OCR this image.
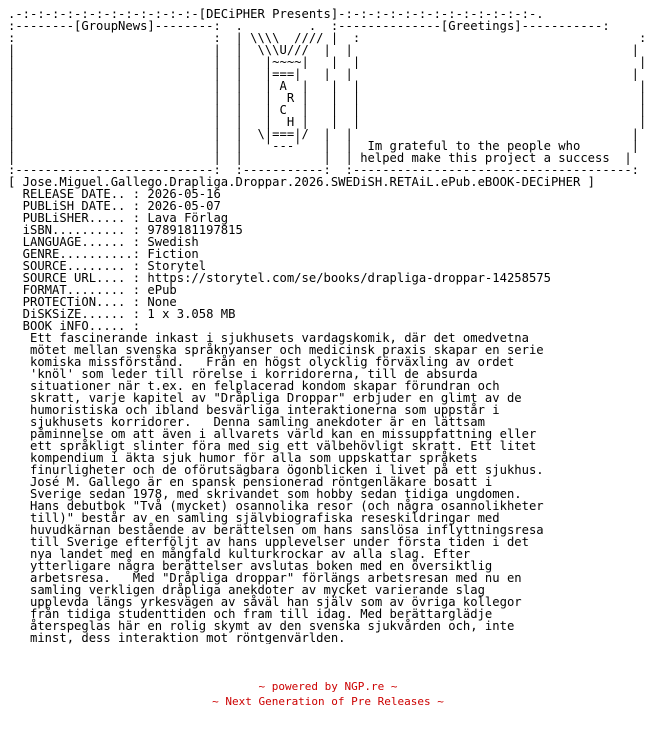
.-:-:-:-:-:-:-:-:-:-:-:-:-[DECiPHER Presents]-:-:-:-:-:-:-:-:-:-:-:-:-:-.
:--------[GroupNews]--------:  .         .  :--------------[Greetings]-----------:
:                           :  | \\\\  //// |  :                                      :
|                           |  |  \\\U///  |  |                                      |
|                           |  |   |~~~~|   |  |                                      |
|                           |  |   |===|   |  |                                      |
|                           |  |   | A  |   |  |                                      |
|                           |  |   |  R |   |  |                                      |
|                           |  |   | C  |   |  |                                      |
|                           |  |   |  H |   |  |                                      |
|                           |  |  \|===|/  |  |                                      |
|                           |  |   '---'   |  |  Im grateful to the people who       |
|                           |  |           |  | helped make this project a success  |
:---------------------------:  :-----------:  :--------------------------------------:
[ Jose.Miguel.Gallego.Drapliga.Droppar.2026.SWEDiSH.RETAiL.ePub.eBOOK-DECiPHER ]
RELEASE DATE.. : 2026-05-16
PUBLiSH DATE.. : 2026-05-07
PUBLiSHER..... : Lava Förlag
iSBN.......... : 9789181197815
LANGUAGE...... : Swedish
GENRE..........: Fiction
SOURCE........ : Storytel
SOURCE URL.... : https://storytel.com/se/books/drapliga-droppar-14258575
FORMAT........ : ePub
PROTECTiON.... : None
DiSKSiZE...... : 1 x 3.058 MB
BOOK iNFO..... :
Ett fascinerande inkast i sjukhusets vardagskomik, där det omedvetna
mötet mellan svenska språknyanser och medicinsk praxis skapar en serie
komiska missförstånd.   Från en högst olycklig förväxling av ordet
'knöl' som leder till rörelse i korridorerna, till de absurda
situationer när t.ex. en felplacerad kondom skapar förundran och
skratt, varje kapitel av "Dråpliga Droppar" erbjuder en glimt av de
humoristiska och ibland besvärliga interaktionerna som uppstår i
sjukhusets korridorer.   Denna samling anekdoter är en lättsam
påminnelse om att även i allvarets värld kan en missuppfattning eller
ett språkligt slinter föra med sig ett välbehövligt skratt. Ett litet
kompendium i äkta sjuk humor för alla som uppskattar språkets
finurligheter och de oförutsägbara ögonblicken i livet på ett sjukhus.
José M. Gallego är en spansk pensionerad röntgenläkare bosatt i
Sverige sedan 1978, med skrivandet som hobby sedan tidiga ungdomen.
Hans debutbok "Två (mycket) osannolika resor (och några osannolikheter
till)" består av en samling självbiografiska reseskildringar med
huvudkärnan bestående av berättelsen om hans sanslösa inflyttningsresa
till Sverige efterföljt av hans upplevelser under första tiden i det
nya landet med en mångfald kulturkrockar av alla slag. Efter
ytterligare några berättelser avslutas boken med en översiktlig
arbetsresa.   Med "Dråpliga droppar" förlängs arbetsresan med nu en
samling verkligen dråpliga anekdoter av mycket varierande slag
upplevda längs yrkesvägen av såväl han själv som av övriga kollegor
från tidiga studenttiden och fram till idag. Med berättarglädje
återspeglas här en rolig skymt av den svenska sjukvården och, inte
minst, dess interaktion mot röntgenvärlden.
~ powered by NGP.re ~
~ Next Generation of Pre Releases ~
